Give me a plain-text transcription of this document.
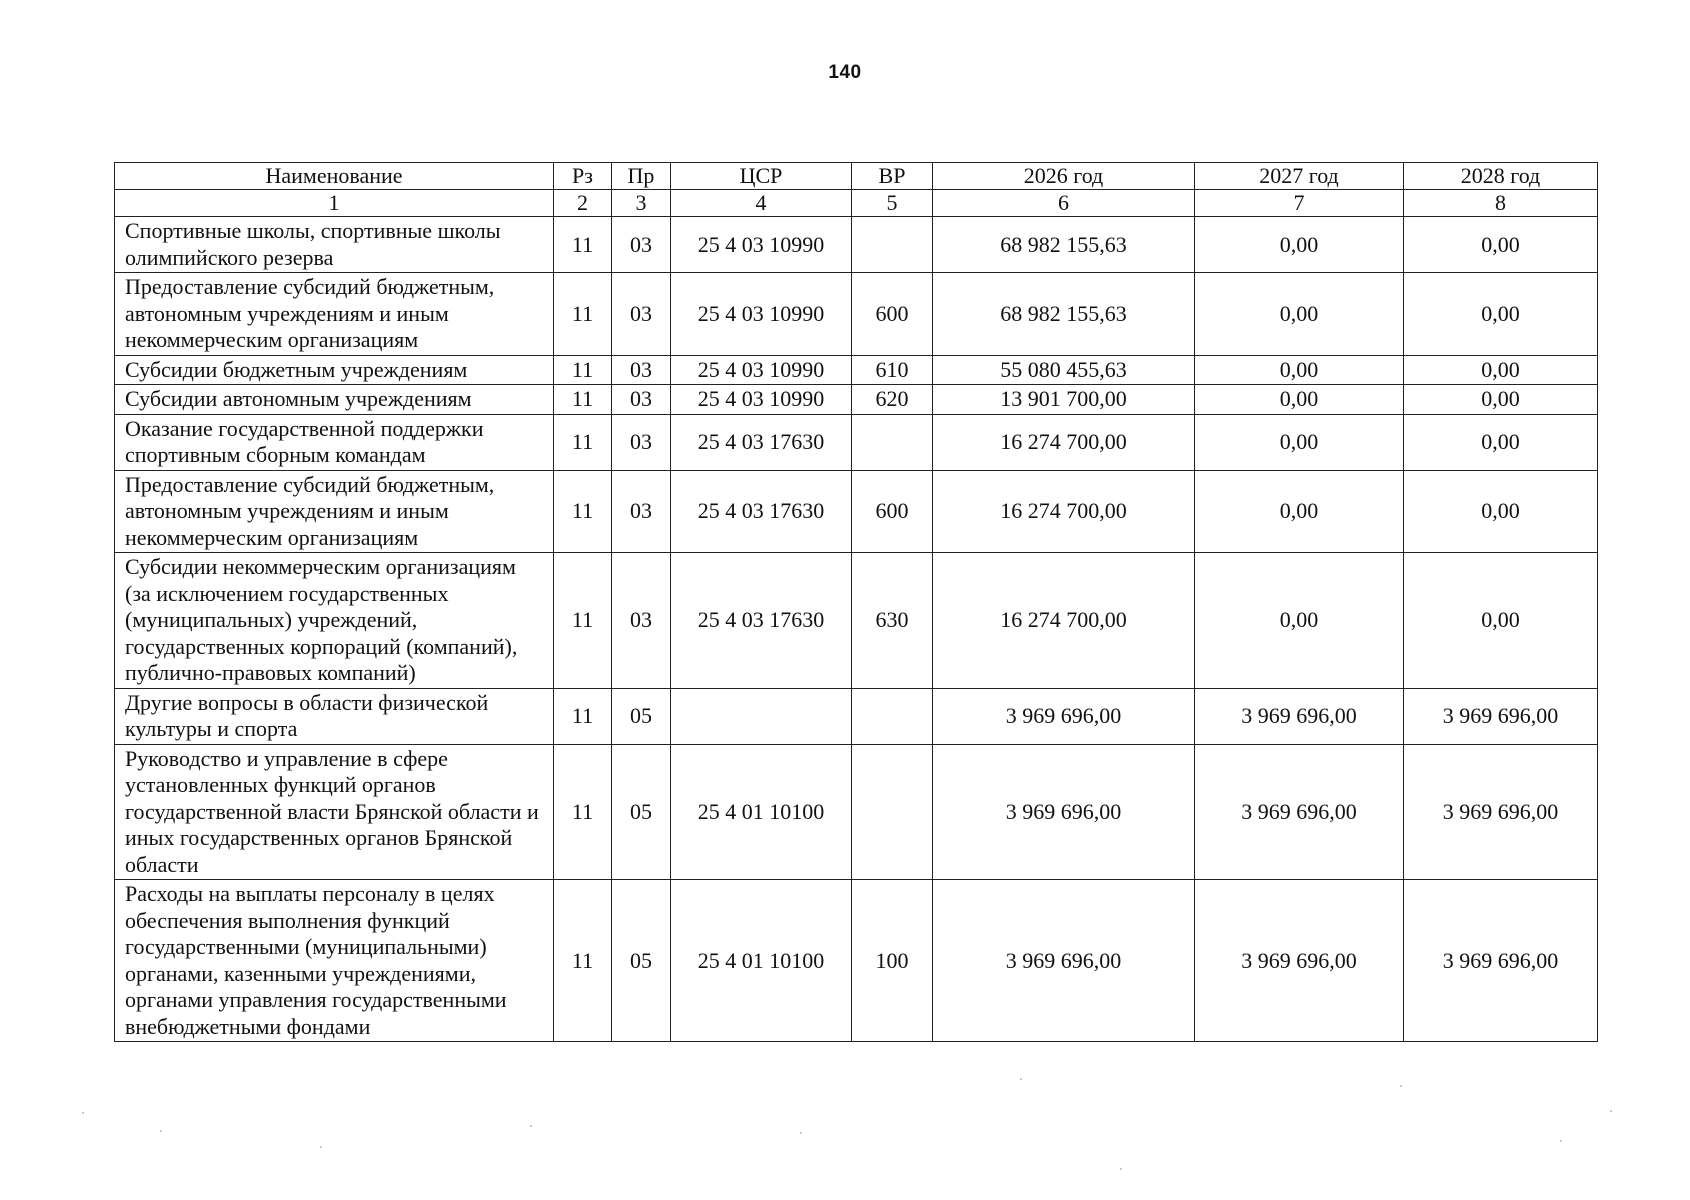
140
Наименование	Рз	Пр	ЦСР	ВР	2026 год	2027 год	2028 год
1	2	3	4	5	6	7	8
Спортивные школы, спортивные школы олимпийского резерва	11	03	25 4 03 10990		68 982 155,63	0,00	0,00
Предоставление субсидий бюджетным, автономным учреждениям и иным некоммерческим организациям	11	03	25 4 03 10990	600	68 982 155,63	0,00	0,00
Субсидии бюджетным учреждениям	11	03	25 4 03 10990	610	55 080 455,63	0,00	0,00
Субсидии автономным учреждениям	11	03	25 4 03 10990	620	13 901 700,00	0,00	0,00
Оказание государственной поддержки спортивным сборным командам	11	03	25 4 03 17630		16 274 700,00	0,00	0,00
Предоставление субсидий бюджетным, автономным учреждениям и иным некоммерческим организациям	11	03	25 4 03 17630	600	16 274 700,00	0,00	0,00
Субсидии некоммерческим организациям (за исключением государственных (муниципальных) учреждений, государственных корпораций (компаний), публично-правовых компаний)	11	03	25 4 03 17630	630	16 274 700,00	0,00	0,00
Другие вопросы в области физической культуры и спорта	11	05			3 969 696,00	3 969 696,00	3 969 696,00
Руководство и управление в сфере установленных функций органов государственной власти Брянской области и иных государственных органов Брянской области	11	05	25 4 01 10100		3 969 696,00	3 969 696,00	3 969 696,00
Расходы на выплаты персоналу в целях обеспечения выполнения функций государственными (муниципальными) органами, казенными учреждениями, органами управления государственными внебюджетными фондами	11	05	25 4 01 10100	100	3 969 696,00	3 969 696,00	3 969 696,00
